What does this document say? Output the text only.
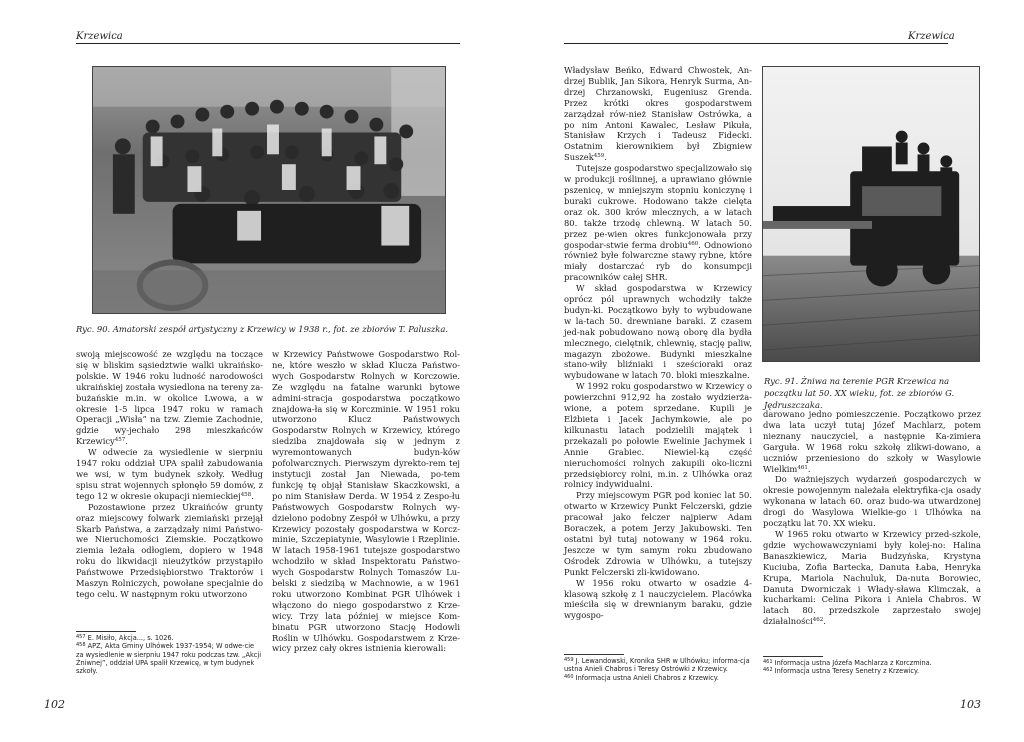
Krzewica
Ryc. 90. Amatorski zespół artystyczny z Krzewicy w 1938 r., fot. ze zbiorów T. Paluszka.

swoją miejscowość ze względu na toczące się w bliskim sąsiedztwie walki ukraińsko-polskie. W 1946 roku ludność narodowości ukraińskiej została wysiedlona na tereny za-bużańskie m.in. w okolice Lwowa, a w okresie 1-5 lipca 1947 roku w ramach Operacji „Wisła” na tzw. Ziemie Zachodnie, gdzie wy-jechało 298 mieszkańców Krzewicy$^{457}$.

W odwecie za wysiedlenie w sierpniu 1947 roku oddział UPA spalił zabudowania we wsi, w tym budynek szkoły. Według spisu strat wojennych spłonęło 59 domów, z tego 12 w okresie okupacji niemieckiej$^{458}$.

Pozostawione przez Ukraińców grunty oraz miejscowy folwark ziemiański przejął Skarb Państwa, a zarządzały nimi Państwo-we Nieruchomości Ziemskie. Początkowo ziemia leżała odłogiem, dopiero w 1948 roku do likwidacji nieużytków przystąpiło Państwowe Przedsiębiorstwo Traktorów i Maszyn Rolniczych, powołane specjalnie do tego celu. W następnym roku utworzono

w Krzewicy Państwowe Gospodarstwo Rol-ne, które weszło w skład Klucza Państwo-wych Gospodarstw Rolnych w Korczowie. Ze względu na fatalne warunki bytowe admini-stracja gospodarstwa początkowo znajdowa-ła się w Korczminie. W 1951 roku utworzono Klucz Państwowych Gospodarstw Rolnych w Krzewicy, którego siedziba znajdowała się w jednym z wyremontowanych budyn-ków pofolwarcznych. Pierwszym dyrekto-rem tej instytucji został Jan Niewada, po-tem funkcję tę objął Stanisław Skaczkowski, a po nim Stanisław Derda. W 1954 z Zespo-łu Państwowych Gospodarstw Rolnych wy-dzielono podobny Zespół w Ulhówku, a przy Krzewicy pozostały gospodarstwa w Korcz-minie, Szczepiatynie, Wasylowie i Rzeplinie. W latach 1958-1961 tutejsze gospodarstwo wchodziło w skład Inspektoratu Państwo-wych Gospodarstw Rolnych Tomaszów Lu-belski z siedzibą w Machnowie, a w 1961 roku utworzono Kombinat PGR Ulhówek i włączono do niego gospodarstwo z Krze-wicy. Trzy lata później w miejsce Kom-binatu PGR utworzono Stację Hodowli Roślin w Ulhówku. Gospodarstwem z Krze-wicy przez cały okres istnienia kierowali:

$^{457}$ E. Misiło, Akcja..., s. 1026.
$^{458}$ APZ, Akta Gminy Ulhówek 1937-1954; W odwe-cie za wysiedlenie w sierpniu 1947 roku podczas tzw. „Akcji Żniwnej”, oddział UPA spalił Krzewicę, w tym budynek szkoły.
102
Krzewica

Władysław Beńko, Edward Chwostek, An-drzej Bublik, Jan Sikora, Henryk Surma, An-drzej Chrzanowski, Eugeniusz Grenda. Przez krótki okres gospodarstwem zarządzał rów-nież Stanisław Ostrówka, a po nim Antoni Kawalec, Lesław Pikuła, Stanisław Krzych i Tadeusz Fidecki. Ostatnim kierownikiem był Zbigniew Suszek$^{459}$.

Tutejsze gospodarstwo specjalizowało się w produkcji roślinnej, a uprawiano głównie pszenicę, w mniejszym stopniu koniczynę i buraki cukrowe. Hodowano także cielęta oraz ok. 300 krów mlecznych, a w latach 80. także trzodę chlewną. W latach 50. przez pe-wien okres funkcjonowała przy gospodar-stwie ferma drobiu$^{460}$. Odnowiono również byłe folwarczne stawy rybne, które miały dostarczać ryb do konsumpcji pracowników całej SHR.

W skład gospodarstwa w Krzewicy oprócz pól uprawnych wchodziły także budyn-ki. Początkowo były to wybudowane w la-tach 50. drewniane baraki. Z czasem jed-nak pobudowano nową oborę dla bydła mlecznego, cielętnik, chlewnię, stację paliw, magazyn zbożowe. Budynki mieszkalne stano-wiły bliźniaki i sześcioraki oraz wybudowane w latach 70. bloki mieszkalne.

W 1992 roku gospodarstwo w Krzewicy o powierzchni 912,92 ha zostało wydzierża-wione, a potem sprzedane. Kupili je Elżbieta i Jacek Jachymkowie, ale po kilkunastu latach podzielili majątek i przekazali po połowie Ewelinie Jachymek i Annie Grabiec. Niewiel-ką część nieruchomości rolnych zakupili oko-liczni przedsiębiorcy rolni, m.in. z Ulhówka oraz rolnicy indywidualni.

Przy miejscowym PGR pod koniec lat 50. otwarto w Krzewicy Punkt Felczerski, gdzie pracował jako felczer najpierw Adam Boraczek, a potem Jerzy Jakubowski. Ten ostatni był tutaj notowany w 1964 roku. Jeszcze w tym samym roku zbudowano Ośrodek Zdrowia w Ulhówku, a tutejszy Punkt Felczerski zli-kwidowano.

W 1956 roku otwarto w osadzie 4-klasową szkołę z 1 nauczycielem. Placówka mieściła się w drewnianym baraku, gdzie wygospo-

Ryc. 91. Żniwa na terenie PGR Krzewica na początku lat 50. XX wieku, fot. ze zbiorów G. Jędruszczaka.

darowano jedno pomieszczenie. Początkowo przez dwa lata uczył tutaj Józef Machlarz, potem nieznany nauczyciel, a następnie Ka-zimiera Garguła. W 1968 roku szkołę zlikwi-dowano, a uczniów przeniesiono do szkoły w Wasylowie Wielkim$^{461}$.

Do ważniejszych wydarzeń gospodarczych w okresie powojennym należała elektryfika-cja osady wykonana w latach 60. oraz budo-wa utwardzonej drogi do Wasylowa Wielkie-go i Ulhówka na początku lat 70. XX wieku.

W 1965 roku otwarto w Krzewicy przed-szkole, gdzie wychowawczyniami były kolej-no: Halina Banaszkiewicz, Maria Budzyńska, Krystyna Kuciuba, Zofia Bartecka, Danuta Łaba, Henryka Krupa, Mariola Nachuluk, Da-nuta Borowiec, Danuta Dworniczak i Włady-sława Klimczak, a kucharkami: Celina Pikora i Aniela Chabros. W latach 80. przedszkole zaprzestało swojej działalności$^{462}$.

$^{459}$ J. Lewandowski, Kronika SHR w Ulhówku; informa-cja ustna Anieli Chabros i Teresy Ostrówki z Krzewicy.
$^{460}$ Informacja ustna Anieli Chabros z Krzewicy.
$^{461}$ Informacja ustna Józefa Machlarza z Korczmina.
$^{462}$ Informacja ustna Teresy Senetry z Krzewicy.
103
